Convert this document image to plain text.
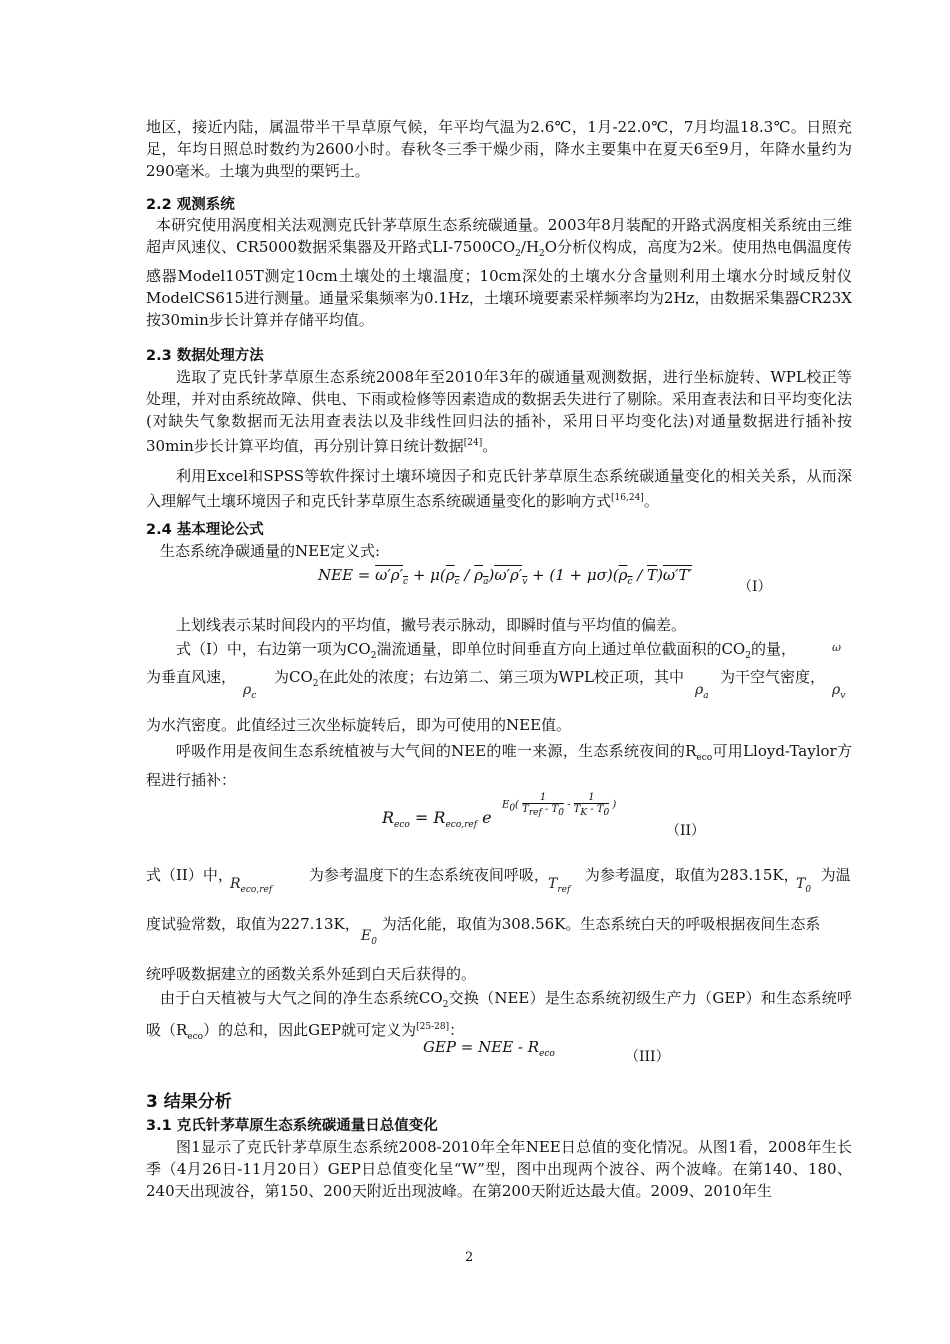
地区，接近内陆，属温带半干旱草原气候，年平均气温为2.6℃，1月-22.0℃，7月均温18.3℃。日照充足，年均日照总时数约为2600小时。春秋冬三季干燥少雨，降水主要集中在夏天6至9月，年降水量约为290毫米。土壤为典型的栗钙土。

2.2 观测系统

本研究使用涡度相关法观测克氏针茅草原生态系统碳通量。2003年8月装配的开路式涡度相关系统由三维超声风速仪、CR5000数据采集器及开路式$LI-7500CO_2/H_2O$分析仪构成，高度为2米。使用热电偶温度传感器Model105T测定10cm土壤处的土壤温度；10cm深处的土壤水分含量则利用土壤水分时域反射仪ModelCS615进行测量。通量采集频率为0.1Hz，土壤环境要素采样频率均为2Hz，由数据采集器CR23X按30min步长计算并存储平均值。

2.3 数据处理方法

选取了克氏针茅草原生态系统2008年至2010年3年的碳通量观测数据，进行坐标旋转、WPL校正等处理，并对由系统故障、供电、下雨或检修等因素造成的数据丢失进行了剔除。采用查表法和日平均变化法(对缺失气象数据而无法用查表法以及非线性回归法的插补，采用日平均变化法)对通量数据进行插补按30min步长计算平均值，再分别计算日统计数据[24]。

利用Excel和SPSS等软件探讨土壤环境因子和克氏针茅草原生态系统碳通量变化的相关关系，从而深入理解气土壤环境因子和克氏针茅草原生态系统碳通量变化的影响方式[16,24]。

2.4 基本理论公式

生态系统净碳通量的NEE定义式:

NEE = $\omega'\rho'_c + \mu(\rho_c / \rho_a)\omega'\rho'_v + (1 + \mu\sigma)(\rho_c / \overline{T})\omega'T'$
（I）

上划线表示某时间段内的平均值，撇号表示脉动，即瞬时值与平均值的偏差。

式（I）中，右边第一项为$CO_2$湍流通量，即单位时间垂直方向上通过单位截面积的$CO_2$的量，	ω

为垂直风速，	为$CO_2$在此处的浓度；右边第二、第三项为WPL校正项，其中 为干空气密度，

$\rho_c$	$\rho_a$	$\rho_v$

为水汽密度。此值经过三次坐标旋转后，即为可使用的NEE值。

呼吸作用是夜间生态系统植被与大气间的NEE的唯一来源，生态系统夜间的$R_{eco}$可用Lloyd-Taylor方程进行插补：

$R_{eco} = R_{eco,ref}$ e
$E_0$(
1
$T_{ref} - T_0$
- $\frac{1}{T_K - T_0}$ )
（II）

式（II）中，	为参考温度下的生态系统夜间呼吸， 为参考温度，取值为283.15K， 为温

$R_{eco,ref}$	$T_{ref}$	$T_0$

度试验常数，取值为227.13K， 为活化能，取值为308.56K。生态系统白天的呼吸根据夜间生态系

$E_0$

统呼吸数据建立的函数关系外延到白天后获得的。

由于白天植被与大气之间的净生态系统$CO_2$交换（NEE）是生态系统初级生产力（GEP）和生态系统呼吸$(R_{eco})$的总和，因此GEP就可定义为[25-28]：

GEP = NEE - $R_{eco}$	（III）

3 结果分析

3.1 克氏针茅草原生态系统碳通量日总值变化

图1显示了克氏针茅草原生态系统2008-2010年全年NEE日总值的变化情况。从图1看，2008年生长季（4月26日-11月20日）GEP日总值变化呈“W”型，图中出现两个波谷、两个波峰。在第140、180、240天出现波谷，第150、200天附近出现波峰。在第200天附近达最大值。2009、2010年生

2
